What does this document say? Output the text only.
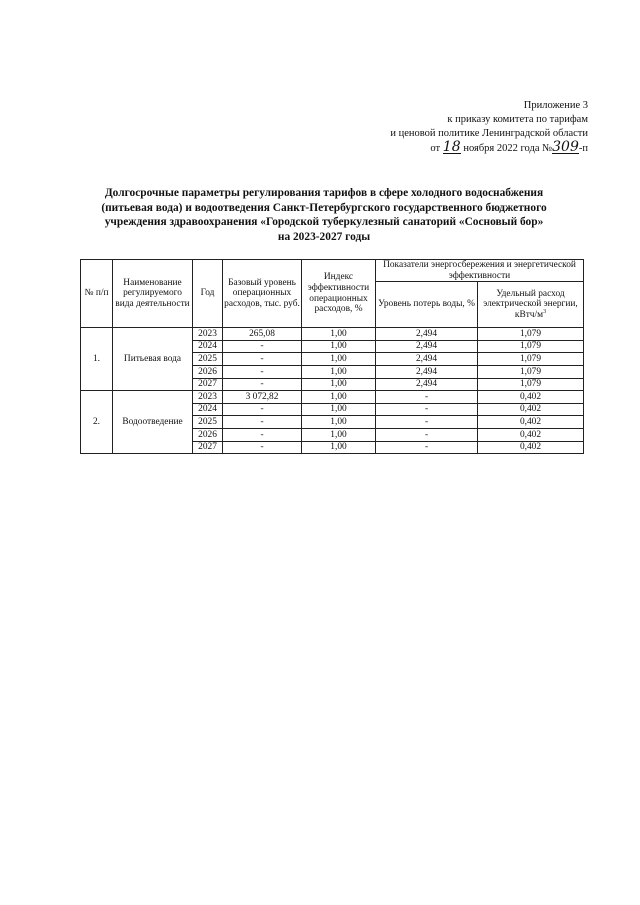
Приложение 3
к приказу комитета по тарифам
и ценовой политике Ленинградской области
от 18 ноября 2022 года №309-п
Долгосрочные параметры регулирования тарифов в сфере холодного водоснабжения
(питьевая вода) и водоотведения Санкт-Петербургского государственного бюджетного
учреждения здравоохранения «Городской туберкулезный санаторий «Сосновый бор»
на 2023-2027 годы
№ п/п	Наименование регулируемого вида деятельности	Год	Базовый уровень операционных расходов, тыс. руб.	Индекс эффективности операционных расходов, %	Показатели энергосбережения и энергетической эффективности	
					Уровень потерь воды, %	Удельный расход электрической энергии, кВтч/$м^3$
1.	Питьевая вода	2023	265,08	1,00	2,494	1,079
		2024	-	1,00	2,494	1,079
		2025	-	1,00	2,494	1,079
		2026	-	1,00	2,494	1,079
		2027	-	1,00	2,494	1,079
2.	Водоотведение	2023	3 072,82	1,00	-	0,402
		2024	-	1,00	-	0,402
		2025	-	1,00	-	0,402
		2026	-	1,00	-	0,402
		2027	-	1,00	-	0,402
